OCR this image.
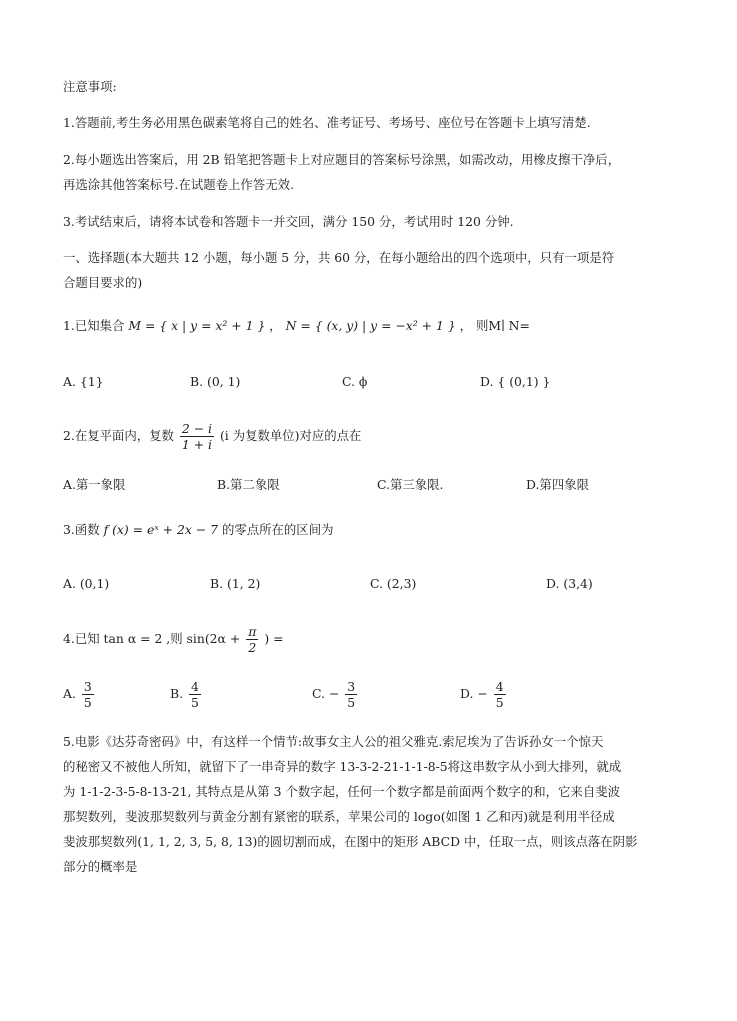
注意事项:
1.答题前,考生务必用黑色碳素笔将自己的姓名、准考证号、考场号、座位号在答题卡上填写清楚.
2.每小题选出答案后，用 2B 铅笔把答题卡上对应题目的答案标号涂黑，如需改动，用橡皮擦干净后，
再选涂其他答案标号.在试题卷上作答无效.
3.考试结束后，请将本试卷和答题卡一并交回，满分 150 分，考试用时 120 分钟.
一、选择题(本大题共 12 小题，每小题 5 分，共 60 分，在每小题给出的四个选项中，只有一项是符
合题目要求的)
1.已知集合 M = { x | y = x² + 1 } ， N = { (x, y) | y = −x² + 1 } ， 则M∣ N=
A. {1}	B. (0, 1)	C. ϕ	D. { (0,1) }
2.在复平面内，复数 $\frac{2 - i}{1 + i} (i$ 为复数单位)对应的点在
A.第一象限	B.第二象限	C.第三象限.	D.第四象限
3.函数 f (x) = eˣ + 2x − 7 的零点所在的区间为
A. (0,1)	B. (1, 2)	C. (2,3)	D. (3,4)
4.已知 tan α = 2 ,则 $\sin(2\alpha + \frac{\pi}{2}$ ) =
A. $\frac{3}{5}$	B. $\frac{4}{5}$	C. − $\frac{3}{5}$	D. − $\frac{4}{5}$
5.电影《达芬奇密码》中，有这样一个情节:故事女主人公的祖父雅克.索尼埃为了告诉孙女一个惊天
的秘密又不被他人所知，就留下了一串奇异的数字 13-3-2-21-1-1-8-5将这串数字从小到大排列，就成
为 1-1-2-3-5-8-13-21, 其特点是从第 3 个数字起，任何一个数字都是前面两个数字的和，它来自斐波
那契数列，斐波那契数列与黄金分割有紧密的联系，苹果公司的 logo(如图 1 乙和丙)就是利用半径成
斐波那契数列(1, 1, 2, 3, 5, 8, 13)的圆切割而成，在图中的矩形 ABCD 中，任取一点，则该点落在阴影
部分的概率是
